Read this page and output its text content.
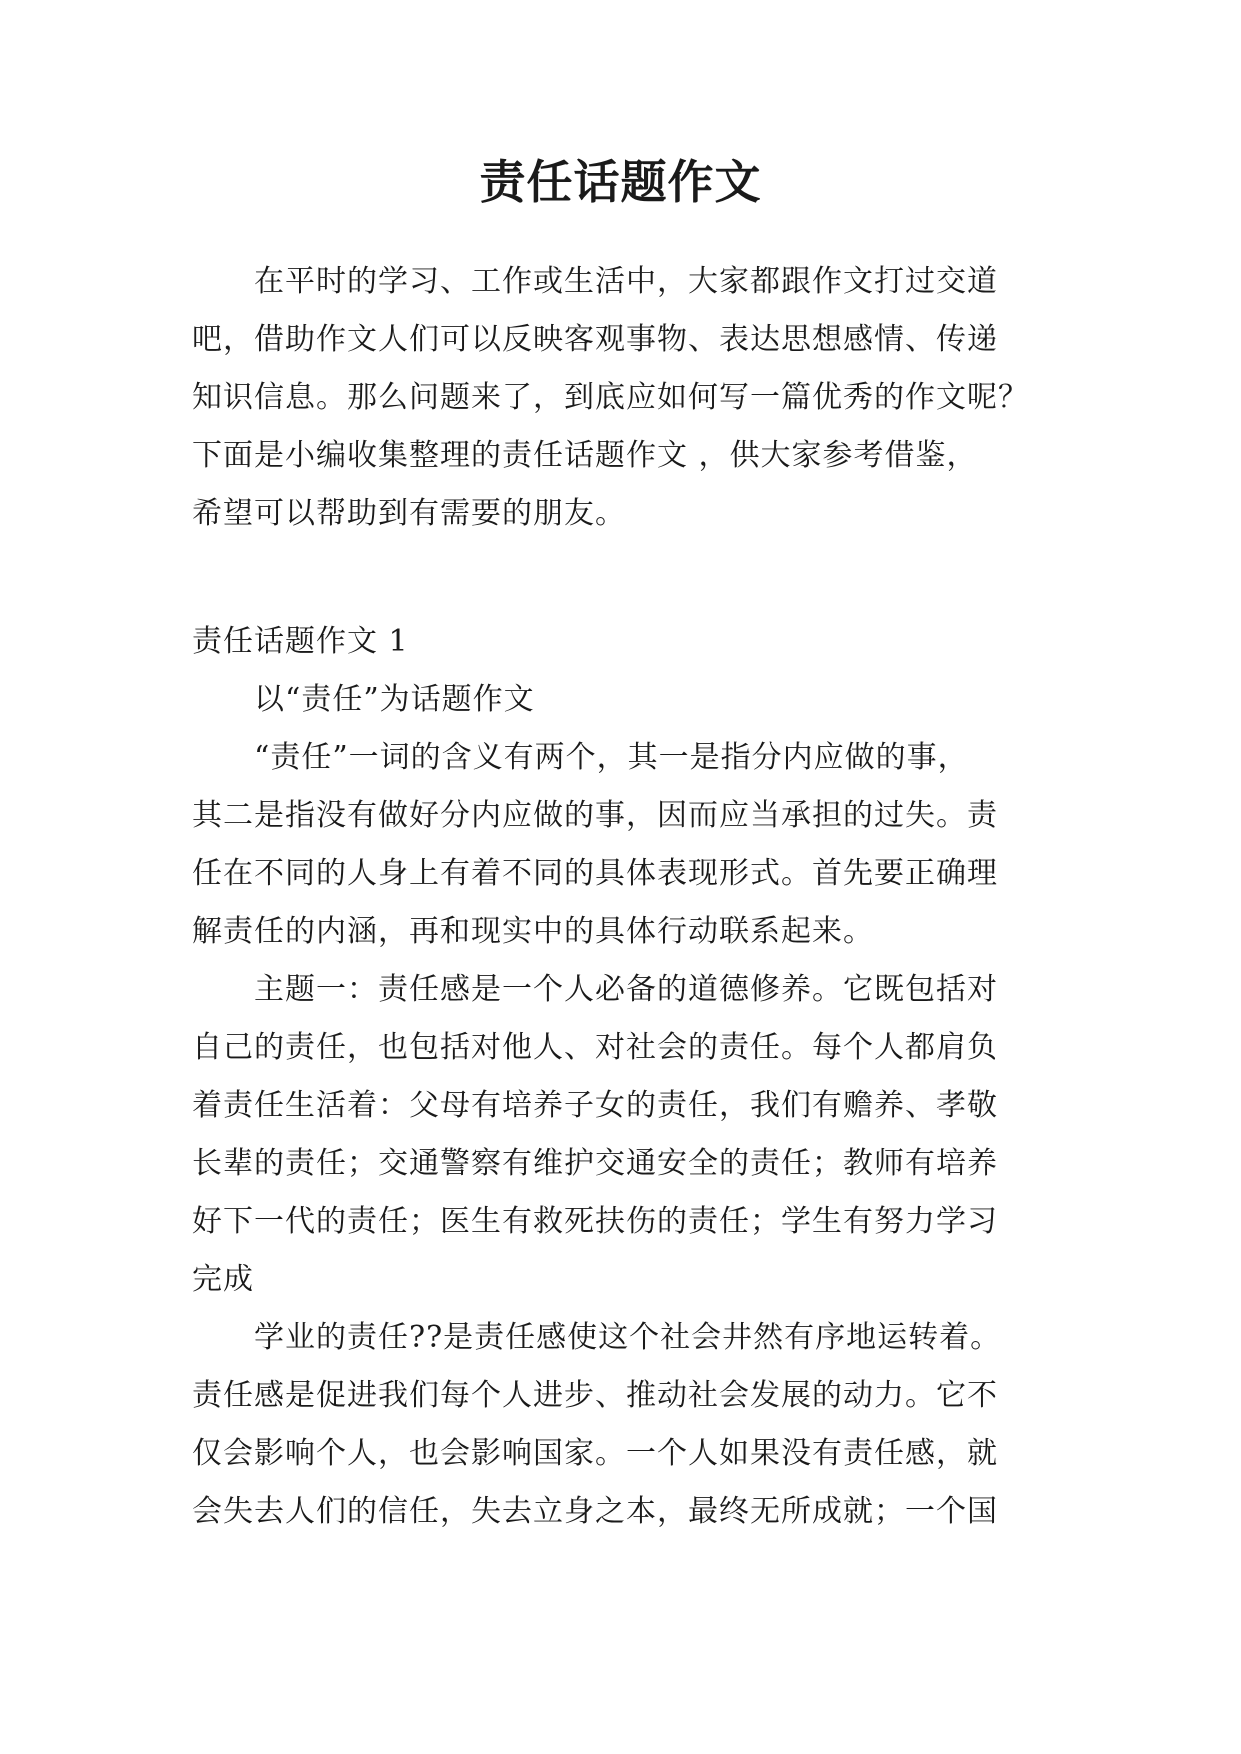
责任话题作文
　　在平时的学习、工作或生活中，大家都跟作文打过交道
吧，借助作文人们可以反映客观事物、表达思想感情、传递
知识信息。那么问题来了，到底应如何写一篇优秀的作文呢？
下面是小编收集整理的责任话题作文 ，供大家参考借鉴，
希望可以帮助到有需要的朋友。
责任话题作文 1
　　以“责任”为话题作文
　　“责任”一词的含义有两个，其一是指分内应做的事，
其二是指没有做好分内应做的事，因而应当承担的过失。责
任在不同的人身上有着不同的具体表现形式。首先要正确理
解责任的内涵，再和现实中的具体行动联系起来。
　　主题一：责任感是一个人必备的道德修养。它既包括对
自己的责任，也包括对他人、对社会的责任。每个人都肩负
着责任生活着：父母有培养子女的责任，我们有赡养、孝敬
长辈的责任；交通警察有维护交通安全的责任；教师有培养
好下一代的责任；医生有救死扶伤的责任；学生有努力学习
完成
　　学业的责任??是责任感使这个社会井然有序地运转着。
责任感是促进我们每个人进步、推动社会发展的动力。它不
仅会影响个人，也会影响国家。一个人如果没有责任感，就
会失去人们的信任，失去立身之本，最终无所成就；一个国
